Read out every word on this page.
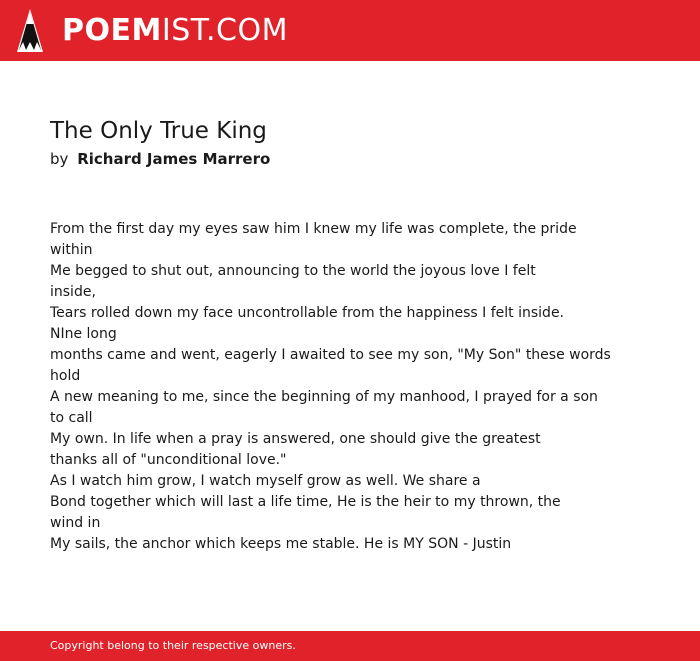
POEMIST.COM
The Only True King
by Richard James Marrero
From the first day my eyes saw him I knew my life was complete, the pride
within
Me begged to shut out, announcing to the world the joyous love I felt
inside,
Tears rolled down my face uncontrollable from the happiness I felt inside.
NIne long
months came and went, eagerly I awaited to see my son, "My Son" these words
hold
A new meaning to me, since the beginning of my manhood, I prayed for a son
to call
My own. In life when a pray is answered, one should give the greatest
thanks all of "unconditional love."
As I watch him grow, I watch myself grow as well. We share a
Bond together which will last a life time, He is the heir to my thrown, the
wind in
My sails, the anchor which keeps me stable. He is MY SON - Justin
Copyright belong to their respective owners.
